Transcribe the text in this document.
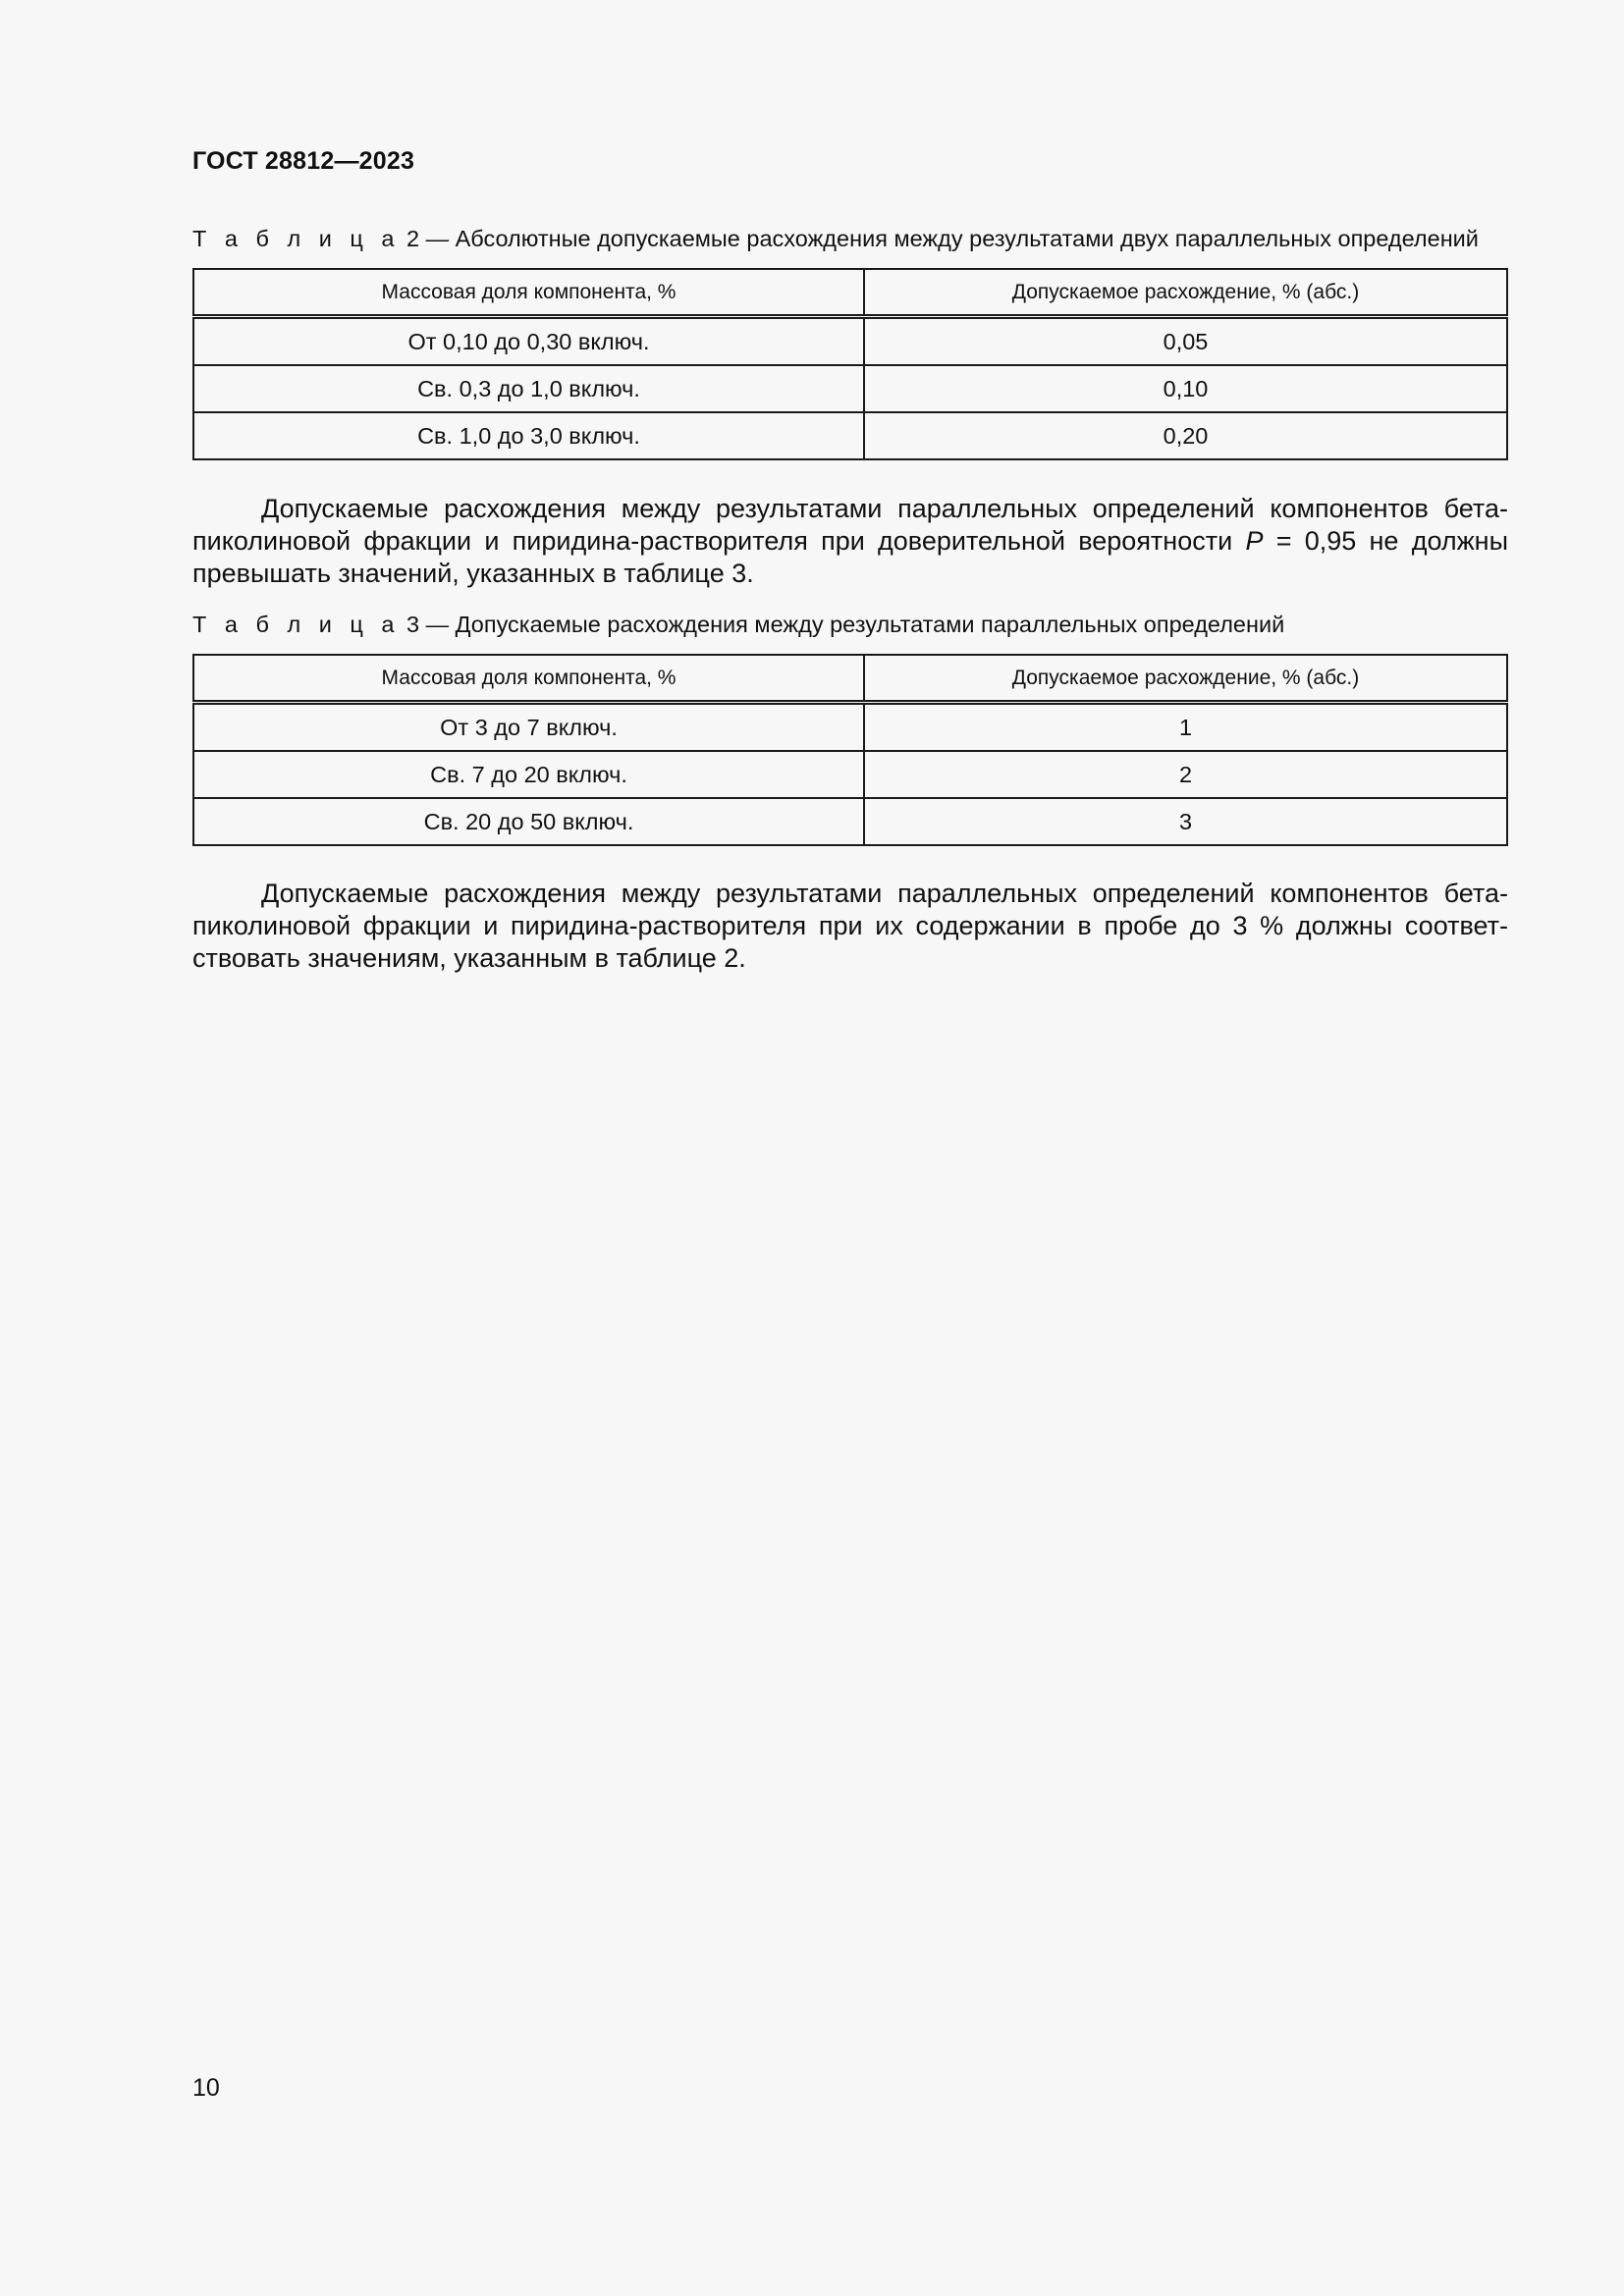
ГОСТ 28812—2023
Т а б л и ц а 2 — Абсолютные допускаемые расхождения между результатами двух параллельных определений
Массовая доля компонента, %	Допускаемое расхождение, % (абс.)
От 0,10 до 0,30 включ.	0,05
Св. 0,3 до 1,0 включ.	0,10
Св. 1,0 до 3,0 включ.	0,20
Допускаемые расхождения между результатами параллельных определений компонентов бета-
пиколиновой фракции и пиридина-растворителя при доверительной вероятности P = 0,95 не должны
превышать значений, указанных в таблице 3.
Т а б л и ц а 3 — Допускаемые расхождения между результатами параллельных определений
Массовая доля компонента, %	Допускаемое расхождение, % (абс.)
От 3 до 7 включ.	1
Св. 7 до 20 включ.	2
Св. 20 до 50 включ.	3
Допускаемые расхождения между результатами параллельных определений компонентов бета-
пиколиновой фракции и пиридина-растворителя при их содержании в пробе до 3 % должны соответ-
ствовать значениям, указанным в таблице 2.
10
